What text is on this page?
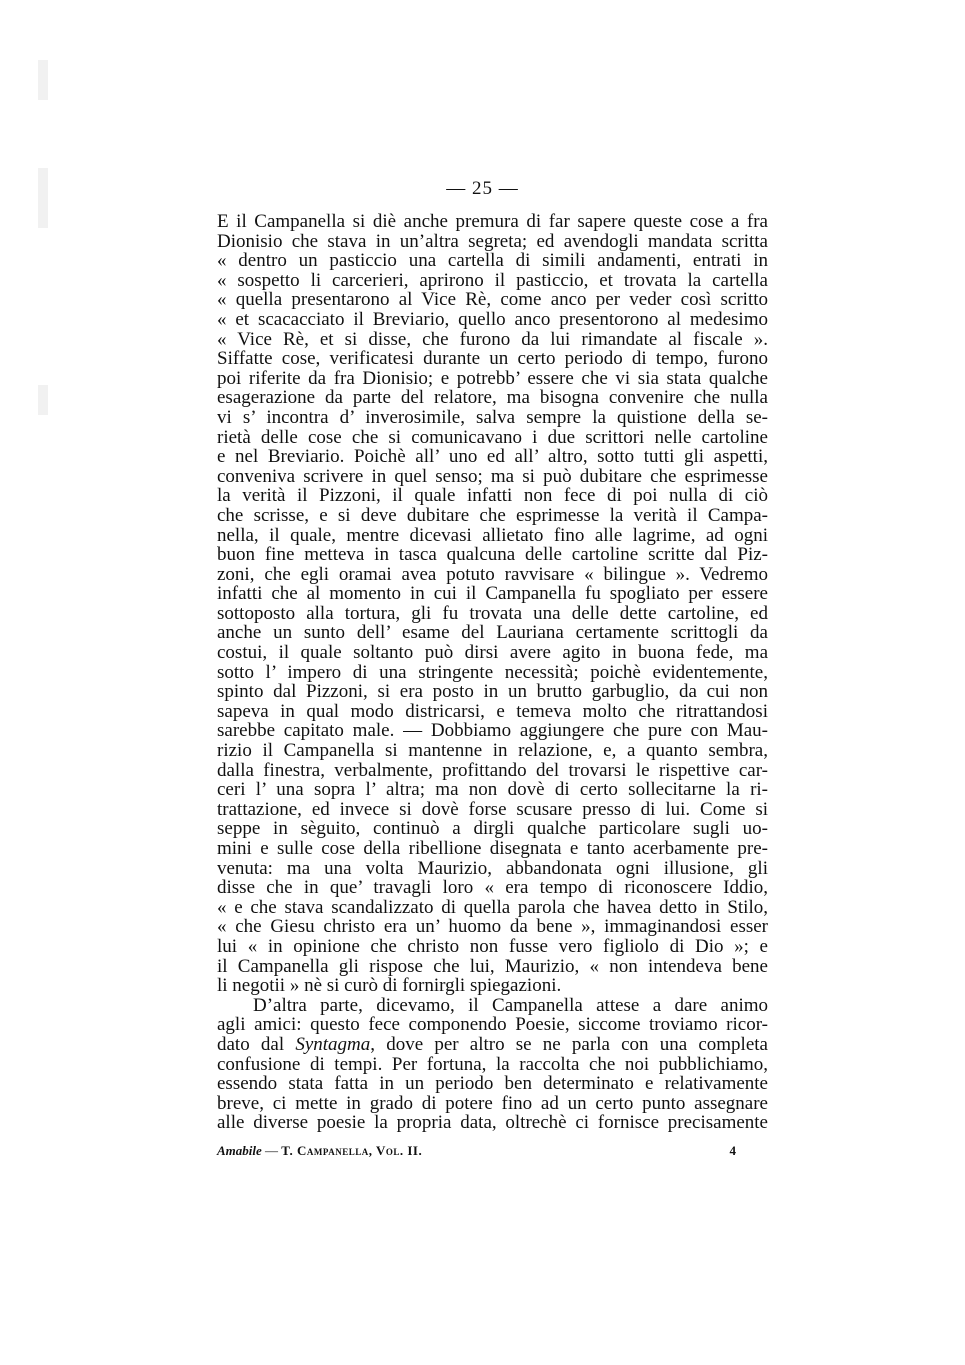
— 25 —
E il Campanella si diè anche premura di far sapere queste cose a fra
Dionisio che stava in un’altra segreta; ed avendogli mandata scritta
« dentro un pasticcio una cartella di simili andamenti, entrati in
« sospetto li carcerieri, aprirono il pasticcio, et trovata la cartella
« quella presentarono al Vice Rè, come anco per veder così scritto
« et scacacciato il Breviario, quello anco presentorono al medesimo
« Vice Rè, et si disse, che furono da lui rimandate al fiscale ».
Siffatte cose, verificatesi durante un certo periodo di tempo, furono
poi riferite da fra Dionisio; e potrebb’ essere che vi sia stata qualche
esagerazione da parte del relatore, ma bisogna convenire che nulla
vi s’ incontra d’ inverosimile, salva sempre la quistione della se-
rietà delle cose che si comunicavano i due scrittori nelle cartoline
e nel Breviario. Poichè all’ uno ed all’ altro, sotto tutti gli aspetti,
conveniva scrivere in quel senso; ma si può dubitare che esprimesse
la verità il Pizzoni, il quale infatti non fece di poi nulla di ciò
che scrisse, e si deve dubitare che esprimesse la verità il Campa-
nella, il quale, mentre dicevasi allietato fino alle lagrime, ad ogni
buon fine metteva in tasca qualcuna delle cartoline scritte dal Piz-
zoni, che egli oramai avea potuto ravvisare « bilingue ». Vedremo
infatti che al momento in cui il Campanella fu spogliato per essere
sottoposto alla tortura, gli fu trovata una delle dette cartoline, ed
anche un sunto dell’ esame del Lauriana certamente scrittogli da
costui, il quale soltanto può dirsi avere agito in buona fede, ma
sotto l’ impero di una stringente necessità; poichè evidentemente,
spinto dal Pizzoni, si era posto in un brutto garbuglio, da cui non
sapeva in qual modo districarsi, e temeva molto che ritrattandosi
sarebbe capitato male. — Dobbiamo aggiungere che pure con Mau-
rizio il Campanella si mantenne in relazione, e, a quanto sembra,
dalla finestra, verbalmente, profittando del trovarsi le rispettive car-
ceri l’ una sopra l’ altra; ma non dovè di certo sollecitarne la ri-
trattazione, ed invece si dovè forse scusare presso di lui. Come si
seppe in sèguito, continuò a dirgli qualche particolare sugli uo-
mini e sulle cose della ribellione disegnata e tanto acerbamente pre-
venuta: ma una volta Maurizio, abbandonata ogni illusione, gli
disse che in que’ travagli loro « era tempo di riconoscere Iddio,
« e che stava scandalizzato di quella parola che havea detto in Stilo,
« che Giesu christo era un’ huomo da bene », immaginandosi esser
lui « in opinione che christo non fusse vero figliolo di Dio »; e
il Campanella gli rispose che lui, Maurizio, « non intendeva bene
li negotii » nè si curò di fornirgli spiegazioni.
D’altra parte, dicevamo, il Campanella attese a dare animo
agli amici: questo fece componendo Poesie, siccome troviamo ricor-
dato dal Syntagma, dove per altro se ne parla con una completa
confusione di tempi. Per fortuna, la raccolta che noi pubblichiamo,
essendo stata fatta in un periodo ben determinato e relativamente
breve, ci mette in grado di potere fino ad un certo punto assegnare
alle diverse poesie la propria data, oltrechè ci fornisce precisamente
Amabile — T. Campanella, Vol. II.	4
